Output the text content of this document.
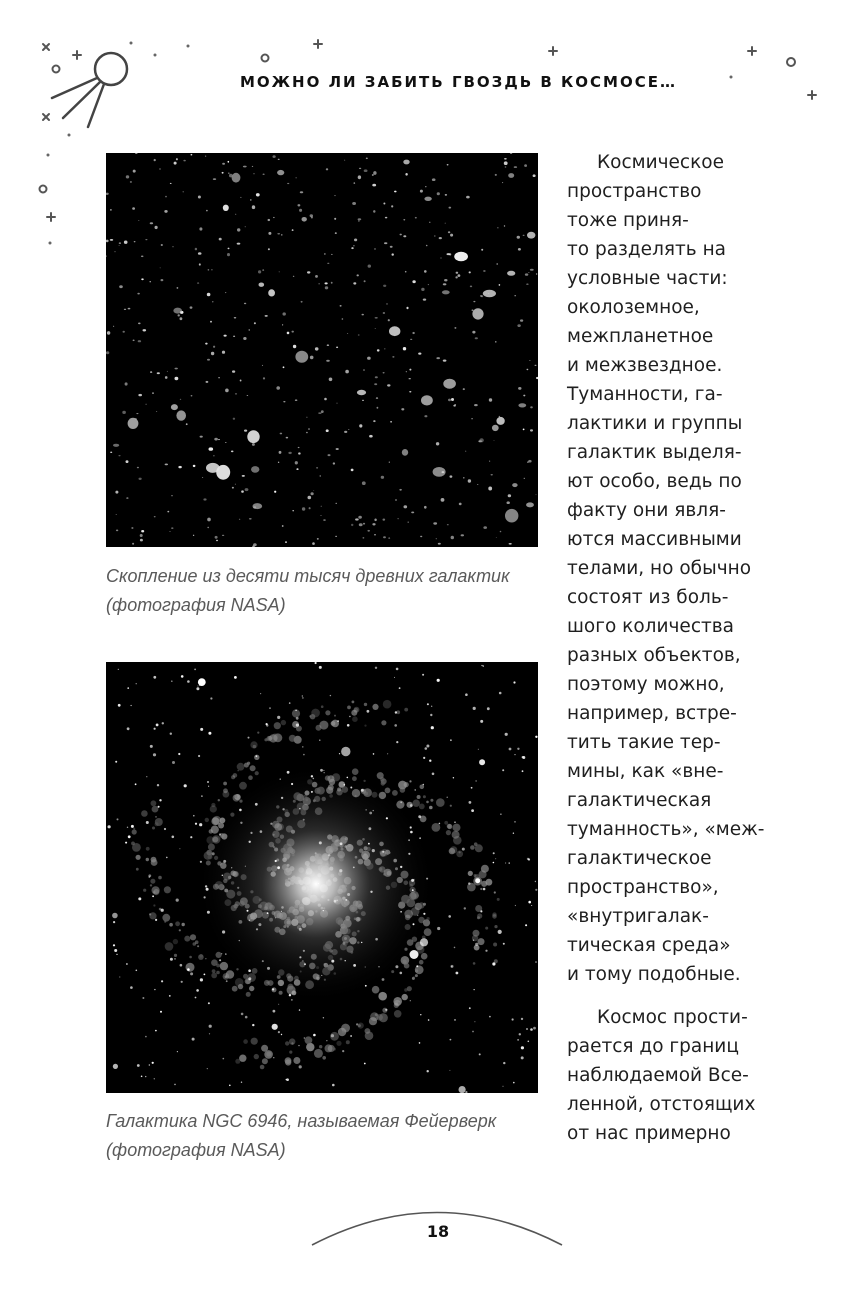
МОЖНО ЛИ ЗАБИТЬ ГВОЗДЬ В КОСМОСЕ…
Скопление из десяти тысяч древних галактик
(фотография NASA)
Галактика NGC 6946, называемая Фейерверк
(фотография NASA)
Космическое
пространство
тоже приня-
то разделять на
условные части:
околоземное,
межпланетное
и межзвездное.
Туманности, га-
лактики и группы
галактик выделя-
ют особо, ведь по
факту они явля-
ются массивными
телами, но обычно
состоят из боль-
шого количества
разных объектов,
поэтому можно,
например, встре-
тить такие тер-
мины, как «вне-
галактическая
туманность», «меж-
галактическое
пространство»,
«внутригалак-
тическая среда»
и тому подобные.
Космос прости-
рается до границ
наблюдаемой Все-
ленной, отстоящих
от нас примерно
18
